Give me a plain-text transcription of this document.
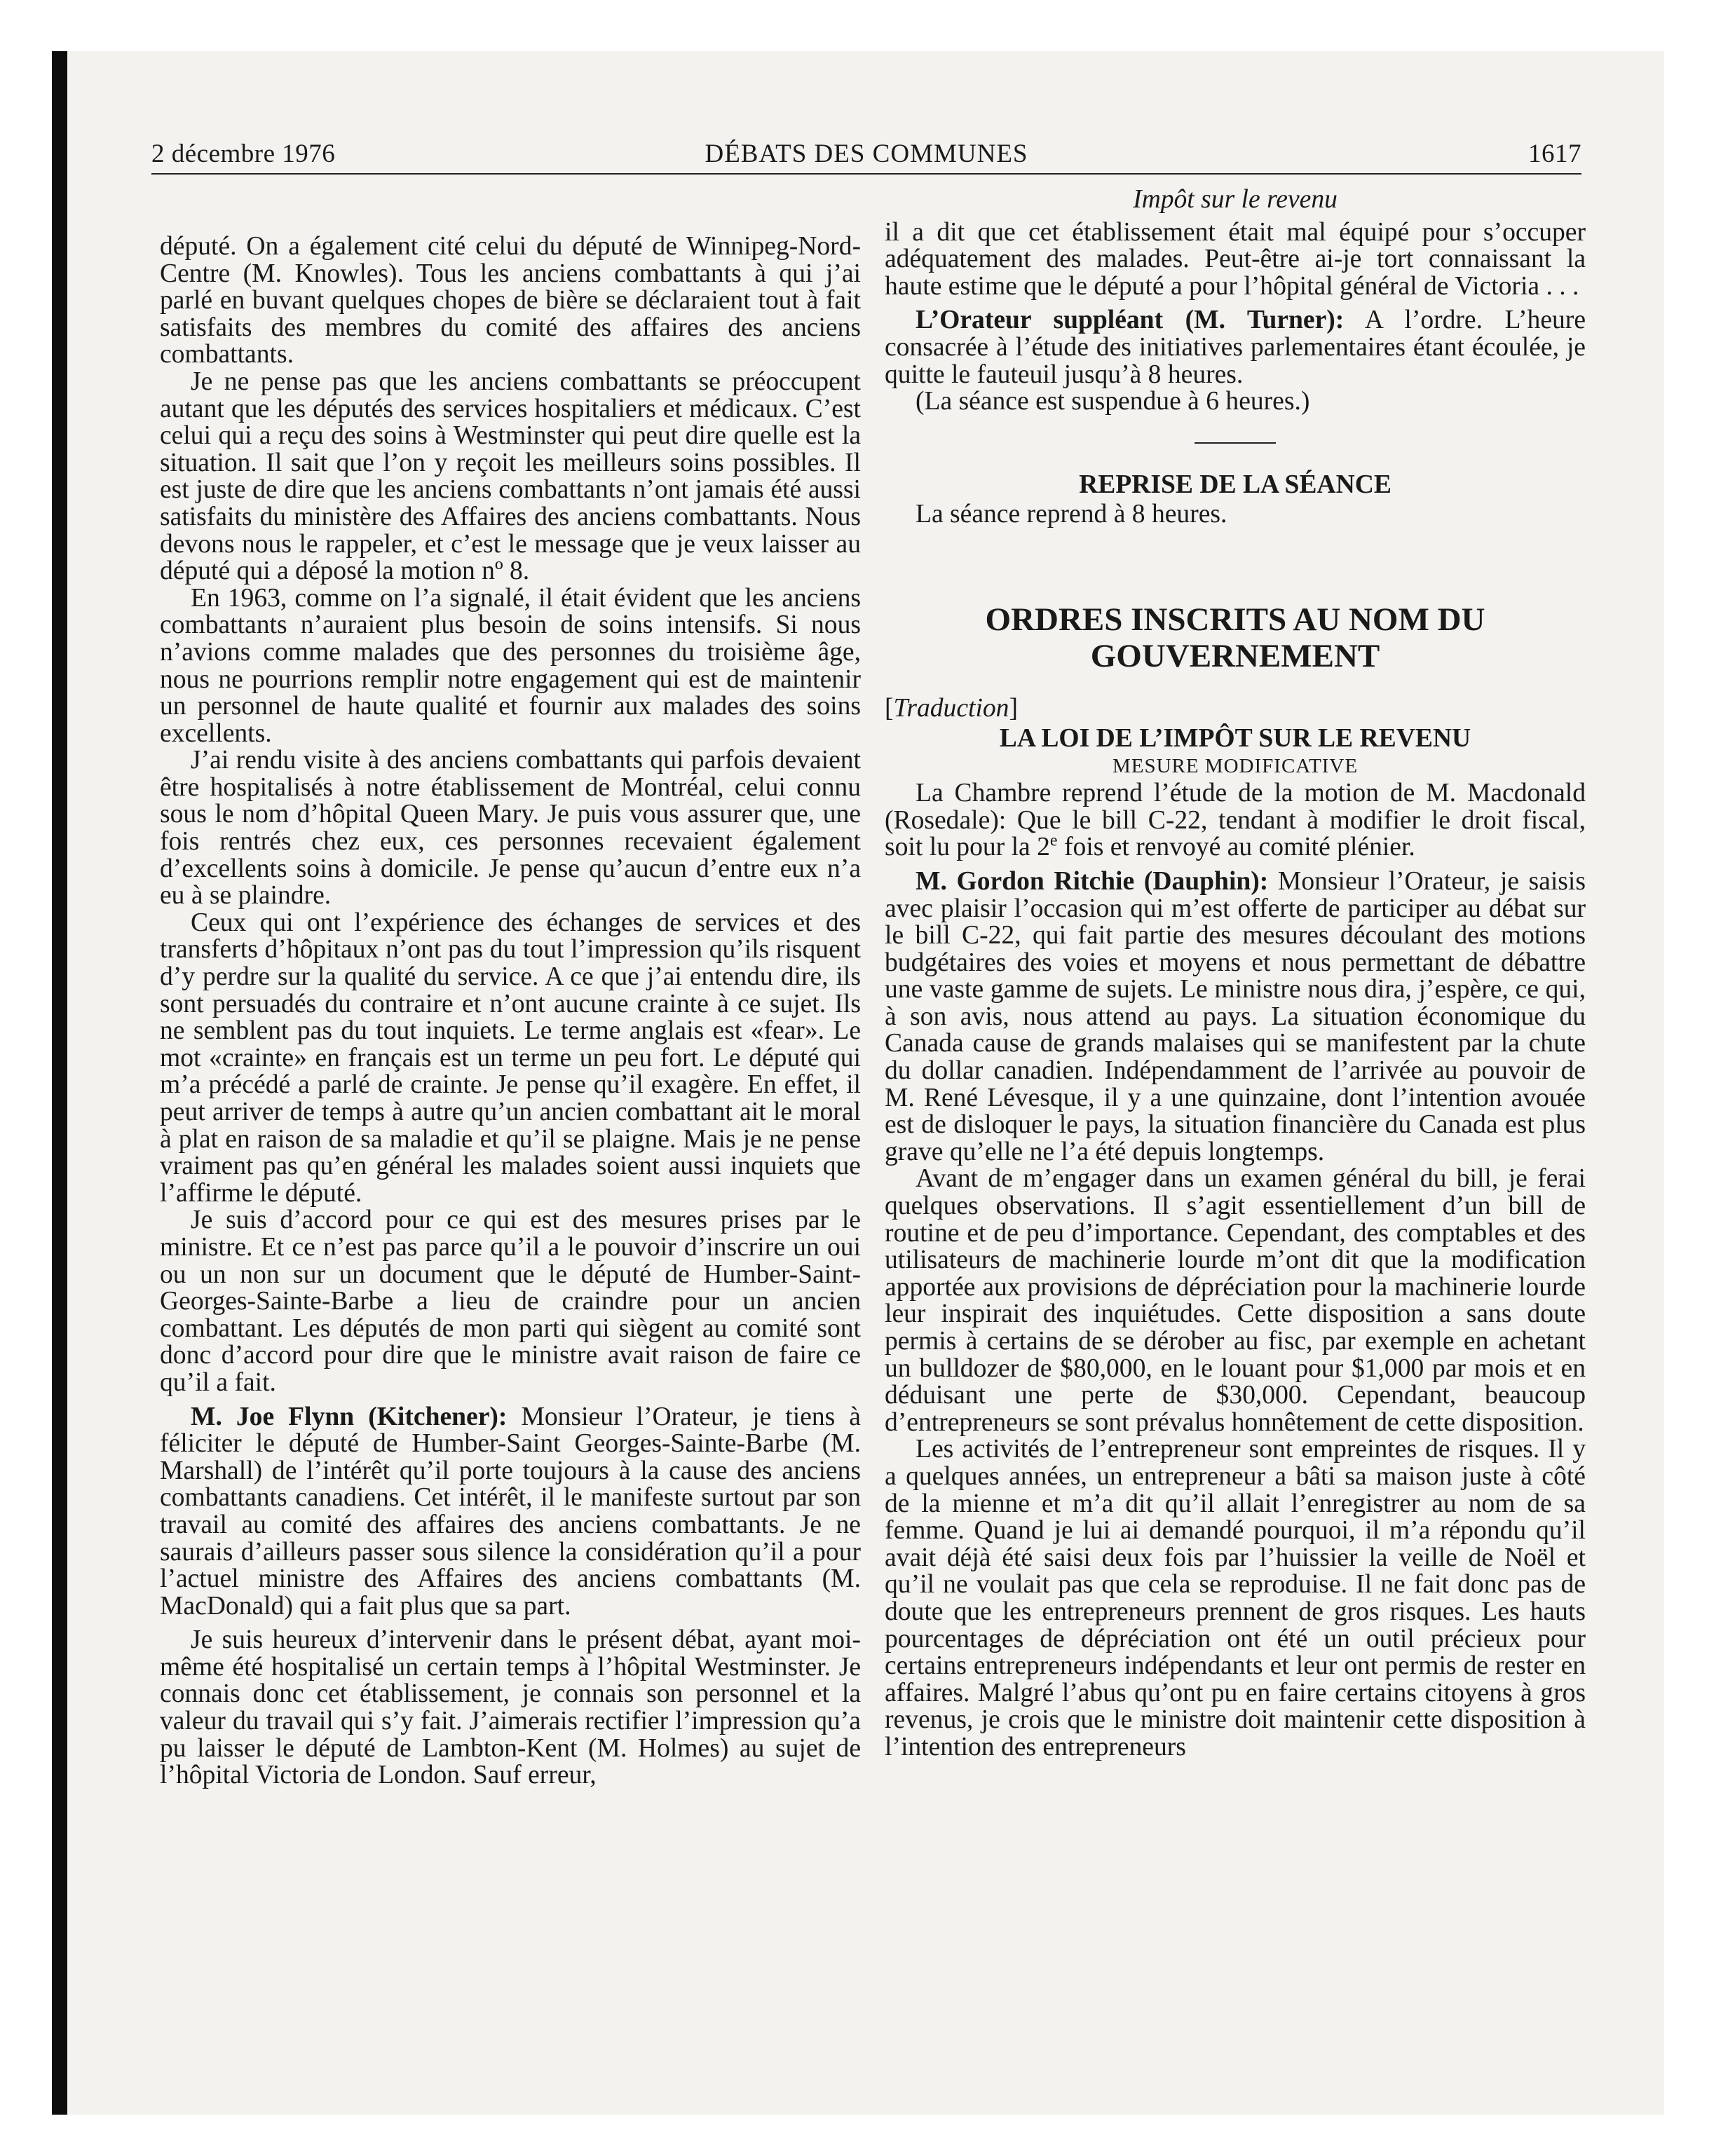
2 décembre 1976	DÉBATS DES COMMUNES	1617

député. On a également cité celui du député de Winnipeg-Nord-Centre (M. Knowles). Tous les anciens combattants à qui j’ai parlé en buvant quelques chopes de bière se déclaraient tout à fait satisfaits des membres du comité des affaires des anciens combattants.

Je ne pense pas que les anciens combattants se préoccupent autant que les députés des services hospitaliers et médicaux. C’est celui qui a reçu des soins à Westminster qui peut dire quelle est la situation. Il sait que l’on y reçoit les meilleurs soins possibles. Il est juste de dire que les anciens combattants n’ont jamais été aussi satisfaits du ministère des Affaires des anciens combattants. Nous devons nous le rappeler, et c’est le message que je veux laisser au député qui a déposé la motion nº 8.

En 1963, comme on l’a signalé, il était évident que les anciens combattants n’auraient plus besoin de soins intensifs. Si nous n’avions comme malades que des personnes du troisième âge, nous ne pourrions remplir notre engagement qui est de maintenir un personnel de haute qualité et fournir aux malades des soins excellents.

J’ai rendu visite à des anciens combattants qui parfois devaient être hospitalisés à notre établissement de Montréal, celui connu sous le nom d’hôpital Queen Mary. Je puis vous assurer que, une fois rentrés chez eux, ces personnes recevaient également d’excellents soins à domicile. Je pense qu’aucun d’entre eux n’a eu à se plaindre.

Ceux qui ont l’expérience des échanges de services et des transferts d’hôpitaux n’ont pas du tout l’impression qu’ils risquent d’y perdre sur la qualité du service. A ce que j’ai entendu dire, ils sont persuadés du contraire et n’ont aucune crainte à ce sujet. Ils ne semblent pas du tout inquiets. Le terme anglais est «fear». Le mot «crainte» en français est un terme un peu fort. Le député qui m’a précédé a parlé de crainte. Je pense qu’il exagère. En effet, il peut arriver de temps à autre qu’un ancien combattant ait le moral à plat en raison de sa maladie et qu’il se plaigne. Mais je ne pense vraiment pas qu’en général les malades soient aussi inquiets que l’affirme le député.

Je suis d’accord pour ce qui est des mesures prises par le ministre. Et ce n’est pas parce qu’il a le pouvoir d’inscrire un oui ou un non sur un document que le député de Humber-Saint-Georges-Sainte-Barbe a lieu de craindre pour un ancien combattant. Les députés de mon parti qui siègent au comité sont donc d’accord pour dire que le ministre avait raison de faire ce qu’il a fait.

M. Joe Flynn (Kitchener): Monsieur l’Orateur, je tiens à féliciter le député de Humber-Saint Georges-Sainte-Barbe (M. Marshall) de l’intérêt qu’il porte toujours à la cause des anciens combattants canadiens. Cet intérêt, il le manifeste surtout par son travail au comité des affaires des anciens combattants. Je ne saurais d’ailleurs passer sous silence la considération qu’il a pour l’actuel ministre des Affaires des anciens combattants (M. MacDonald) qui a fait plus que sa part.

Je suis heureux d’intervenir dans le présent débat, ayant moi-même été hospitalisé un certain temps à l’hôpital Westminster. Je connais donc cet établissement, je connais son personnel et la valeur du travail qui s’y fait. J’aimerais rectifier l’impression qu’a pu laisser le député de Lambton-Kent (M. Holmes) au sujet de l’hôpital Victoria de London. Sauf erreur,

Impôt sur le revenu

il a dit que cet établissement était mal équipé pour s’occuper adéquatement des malades. Peut-être ai-je tort connaissant la haute estime que le député a pour l’hôpital général de Victoria . . .

L’Orateur suppléant (M. Turner): A l’ordre. L’heure consacrée à l’étude des initiatives parlementaires étant écoulée, je quitte le fauteuil jusqu’à 8 heures.

(La séance est suspendue à 6 heures.)

REPRISE DE LA SÉANCE

La séance reprend à 8 heures.

ORDRES INSCRITS AU NOM DU
GOUVERNEMENT
[Traduction]
LA LOI DE L’IMPÔT SUR LE REVENU
MESURE MODIFICATIVE

La Chambre reprend l’étude de la motion de M. Macdonald (Rosedale): Que le bill C-22, tendant à modifier le droit fiscal, soit lu pour la 2e fois et renvoyé au comité plénier.

M. Gordon Ritchie (Dauphin): Monsieur l’Orateur, je saisis avec plaisir l’occasion qui m’est offerte de participer au débat sur le bill C-22, qui fait partie des mesures découlant des motions budgétaires des voies et moyens et nous permettant de débattre une vaste gamme de sujets. Le ministre nous dira, j’espère, ce qui, à son avis, nous attend au pays. La situation économique du Canada cause de grands malaises qui se manifestent par la chute du dollar canadien. Indépendamment de l’arrivée au pouvoir de M. René Lévesque, il y a une quinzaine, dont l’intention avouée est de disloquer le pays, la situation financière du Canada est plus grave qu’elle ne l’a été depuis longtemps.

Avant de m’engager dans un examen général du bill, je ferai quelques observations. Il s’agit essentiellement d’un bill de routine et de peu d’importance. Cependant, des comptables et des utilisateurs de machinerie lourde m’ont dit que la modification apportée aux provisions de dépréciation pour la machinerie lourde leur inspirait des inquiétudes. Cette disposition a sans doute permis à certains de se dérober au fisc, par exemple en achetant un bulldozer de $80,000, en le louant pour $1,000 par mois et en déduisant une perte de $30,000. Cependant, beaucoup d’entrepreneurs se sont prévalus honnêtement de cette disposition.

Les activités de l’entrepreneur sont empreintes de risques. Il y a quelques années, un entrepreneur a bâti sa maison juste à côté de la mienne et m’a dit qu’il allait l’enregistrer au nom de sa femme. Quand je lui ai demandé pourquoi, il m’a répondu qu’il avait déjà été saisi deux fois par l’huissier la veille de Noël et qu’il ne voulait pas que cela se reproduise. Il ne fait donc pas de doute que les entrepreneurs prennent de gros risques. Les hauts pourcentages de dépréciation ont été un outil précieux pour certains entrepreneurs indépendants et leur ont permis de rester en affaires. Malgré l’abus qu’ont pu en faire certains citoyens à gros revenus, je crois que le ministre doit maintenir cette disposition à l’intention des entrepreneurs
